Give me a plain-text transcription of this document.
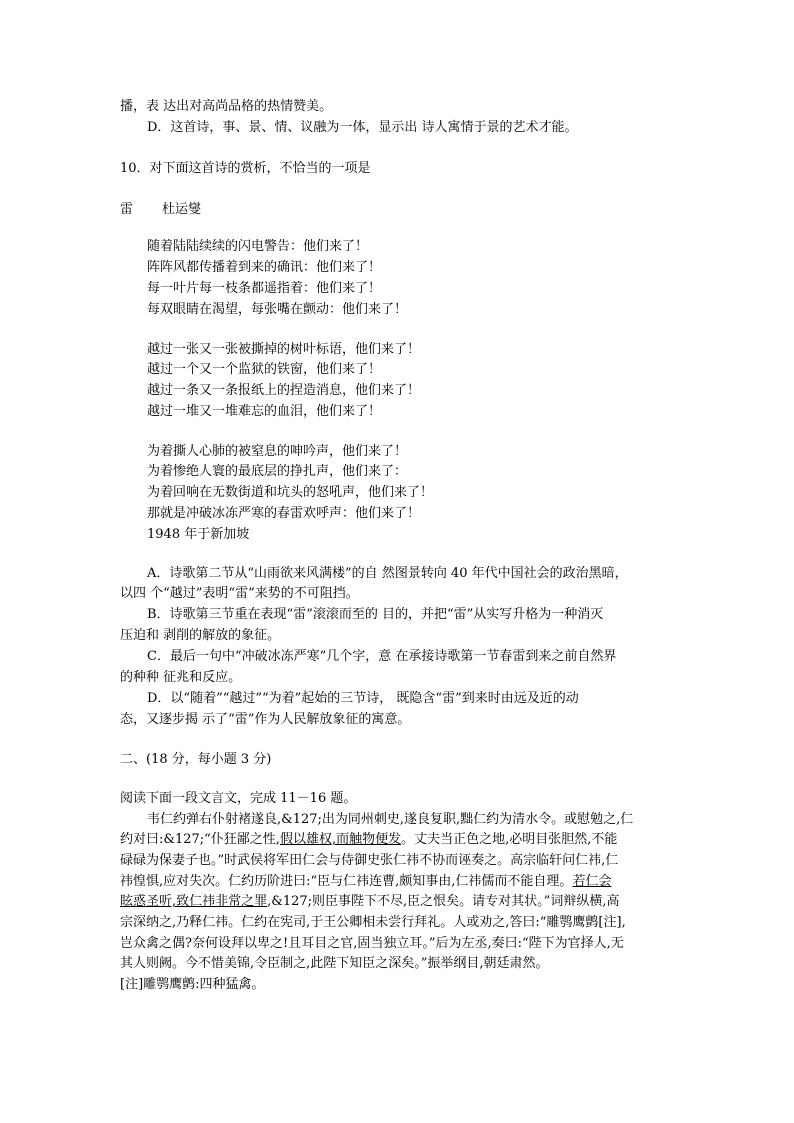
播，表 达出对高尚品格的热情赞美。
D．这首诗，事、景、情、议融为一体，显示出 诗人寓情于景的艺术才能。
10．对下面这首诗的赏析，不恰当的一项是
雷 杜运燮
随着陆陆续续的闪电警告：他们来了！
阵阵风都传播着到来的确讯：他们来了！
每一叶片每一枝条都遥指着：他们来了！
每双眼睛在渴望，每张嘴在颤动：他们来了！
越过一张又一张被撕掉的树叶标语，他们来了！
越过一个又一个监狱的铁窗，他们来了！
越过一条又一条报纸上的捏造消息，他们来了！
越过一堆又一堆难忘的血泪，他们来了！
为着撕人心肺的被窒息的呻吟声，他们来了！
为着惨绝人寰的最底层的挣扎声，他们来了：
为着回响在无数街道和坑头的怒吼声，他们来了！
那就是冲破冰冻严寒的春雷欢呼声：他们来了！
1948 年于新加坡
A．诗歌第二节从“山雨欲来风满楼”的自 然图景转向 40 年代中国社会的政治黑暗，
以四 个“越过”表明“雷”来势的不可阻挡。
B．诗歌第三节重在表现“雷”滚滚而至的 目的，并把“雷”从实写升格为一种消灭
压迫和 剥削的解放的象征。
C．最后一句中“冲破冰冻严寒”几个字，意 在承接诗歌第一节春雷到来之前自然界
的种种 征兆和反应。
D．以“随着”“越过”“为着”起始的三节诗， 既隐含“雷”到来时由远及近的动
态，又逐步揭 示了“雷”作为人民解放象征的寓意。
二、(18 分，每小题 3 分)
阅读下面一段文言文，完成 11－16 题。
韦仁约弹右仆射褚遂良,&127;出为同州刺史,遂良复职,黜仁约为清水令。或慰勉之,仁
约对曰:&127;“仆狂鄙之性,假以雄权,而触物便发。丈夫当正色之地,必明目张胆然,不能
碌碌为保妻子也。”时武侯将军田仁会与侍御史张仁祎不协而诬奏之。高宗临轩问仁祎,仁
祎惶惧,应对失次。仁约历阶进曰:“臣与仁祎连曹,颇知事由,仁祎儒而不能自理。若仁会
眩惑圣听,致仁祎非常之罪,&127;则臣事陛下不尽,臣之恨矣。请专对其状。”词辩纵横,高
宗深纳之,乃释仁祎。仁约在宪司,于王公卿相未尝行拜礼。人或劝之,答曰:“雕鹗鹰鹯[注],
岂众禽之偶?奈何设拜以卑之!且耳目之官,固当独立耳。”后为左丞,奏曰:“陛下为官择人,无
其人则阙。今不惜美锦,令臣制之,此陛下知臣之深矣。”振举纲目,朝廷肃然。
[注]雕鹗鹰鹯:四种猛禽。
